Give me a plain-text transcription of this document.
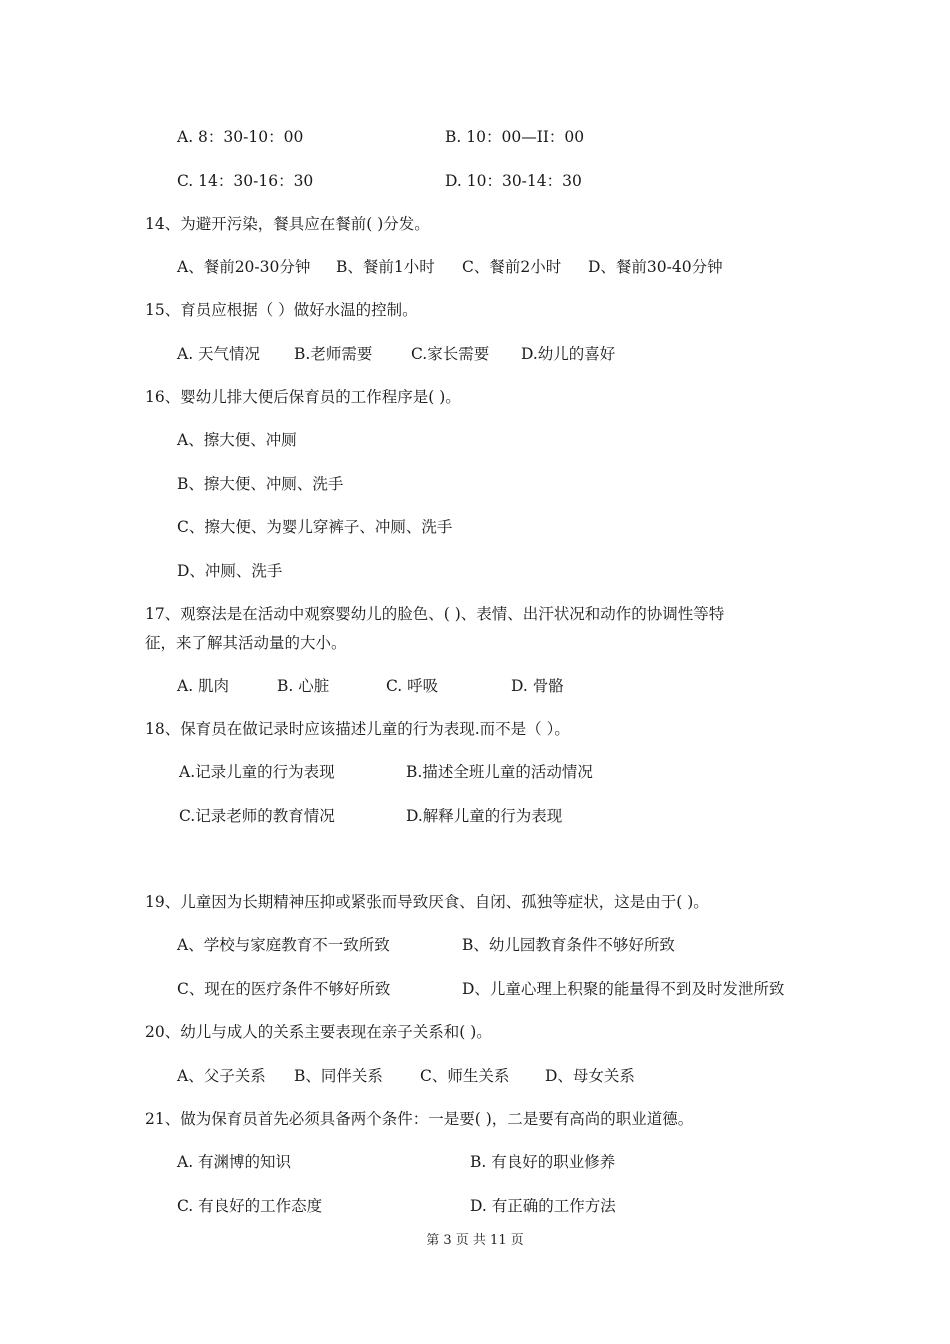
A. 8：30-10：00	B. 10：00—II：00
C. 14：30-16：30	D. 10：30-14：30
14、为避开污染，餐具应在餐前( )分发。
A、餐前20-30分钟 B、餐前1小时 C、餐前2小时 D、餐前30-40分钟
15、育员应根据（ ）做好水温的控制。
A. 天气情况 B.老师需要 C.家长需要 D.幼儿的喜好
16、婴幼儿排大便后保育员的工作程序是( )。
A、擦大便、冲厕
B、擦大便、冲厕、洗手
C、擦大便、为婴儿穿裤子、冲厕、洗手
D、冲厕、洗手
17、观察法是在活动中观察婴幼儿的脸色、( )、表情、出汗状况和动作的协调性等特
征，来了解其活动量的大小。
A. 肌肉	B. 心脏	C. 呼吸	D. 骨骼
18、保育员在做记录时应该描述儿童的行为表现.而不是（ ）。
A.记录儿童的行为表现	B.描述全班儿童的活动情况
C.记录老师的教育情况	D.解释儿童的行为表现
19、儿童因为长期精神压抑或紧张而导致厌食、自闭、孤独等症状，这是由于( )。
A、学校与家庭教育不一致所致	B、幼儿园教育条件不够好所致
C、现在的医疗条件不够好所致	D、儿童心理上积聚的能量得不到及时发泄所致
20、幼儿与成人的关系主要表现在亲子关系和( )。
A、父子关系 B、同伴关系 C、师生关系 D、母女关系
21、做为保育员首先必须具备两个条件：一是要( )，二是要有高尚的职业道德。
A. 有渊博的知识	B. 有良好的职业修养
C. 有良好的工作态度	D. 有正确的工作方法
第 3 页 共 11 页
